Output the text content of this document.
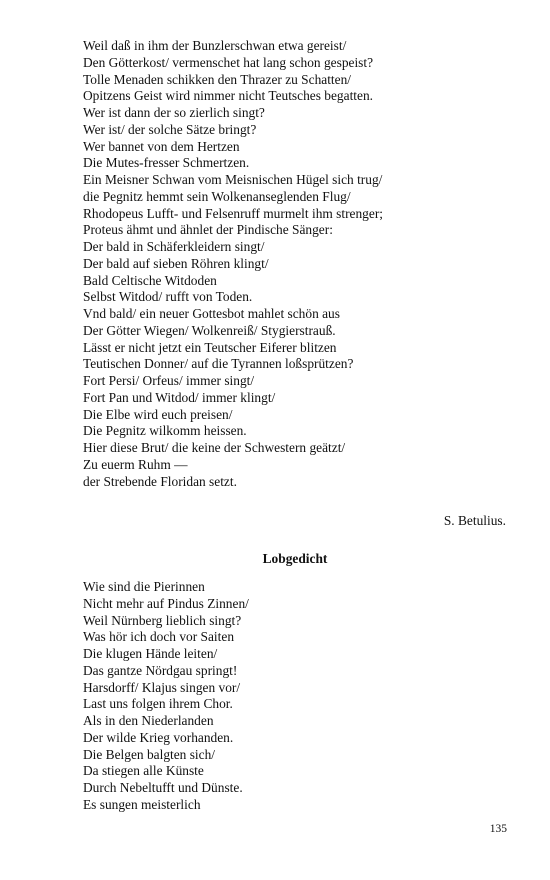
Weil daß in ihm der Bunzlerschwan etwa gereist/
Den Götterkost/ vermenschet hat lang schon gespeist?
Tolle Menaden schikken den Thrazer zu Schatten/
Opitzens Geist wird nimmer nicht Teutsches begatten.
Wer ist dann der so zierlich singt?
Wer ist/ der solche Sätze bringt?
Wer bannet von dem Hertzen
Die Mutes-fresser Schmertzen.
Ein Meisner Schwan vom Meisnischen Hügel sich trug/
die Pegnitz hemmt sein Wolkenanseglenden Flug/
Rhodopeus Lufft- und Felsenruff murmelt ihm strenger;
Proteus ähmt und ähnlet der Pindische Sänger:
Der bald in Schäferkleidern singt/
Der bald auf sieben Röhren klingt/
Bald Celtische Witdoden
Selbst Witdod/ rufft von Toden.
Vnd bald/ ein neuer Gottesbot mahlet schön aus
Der Götter Wiegen/ Wolkenreiß/ Stygierstrauß.
Lässt er nicht jetzt ein Teutscher Eiferer blitzen
Teutischen Donner/ auf die Tyrannen loßsprützen?
Fort Persi/ Orfeus/ immer singt/
Fort Pan und Witdod/ immer klingt/
Die Elbe wird euch preisen/
Die Pegnitz wilkomm heissen.
Hier diese Brut/ die keine der Schwestern geätzt/
Zu euerm Ruhm —
der Strebende Floridan setzt.
S. Betulius.
Lobgedicht
Wie sind die Pierinnen
Nicht mehr auf Pindus Zinnen/
Weil Nürnberg lieblich singt?
Was hör ich doch vor Saiten
Die klugen Hände leiten/
Das gantze Nördgau springt!
Harsdorff/ Klajus singen vor/
Last uns folgen ihrem Chor.
Als in den Niederlanden
Der wilde Krieg vorhanden.
Die Belgen balgten sich/
Da stiegen alle Künste
Durch Nebeltufft und Dünste.
Es sungen meisterlich
135
